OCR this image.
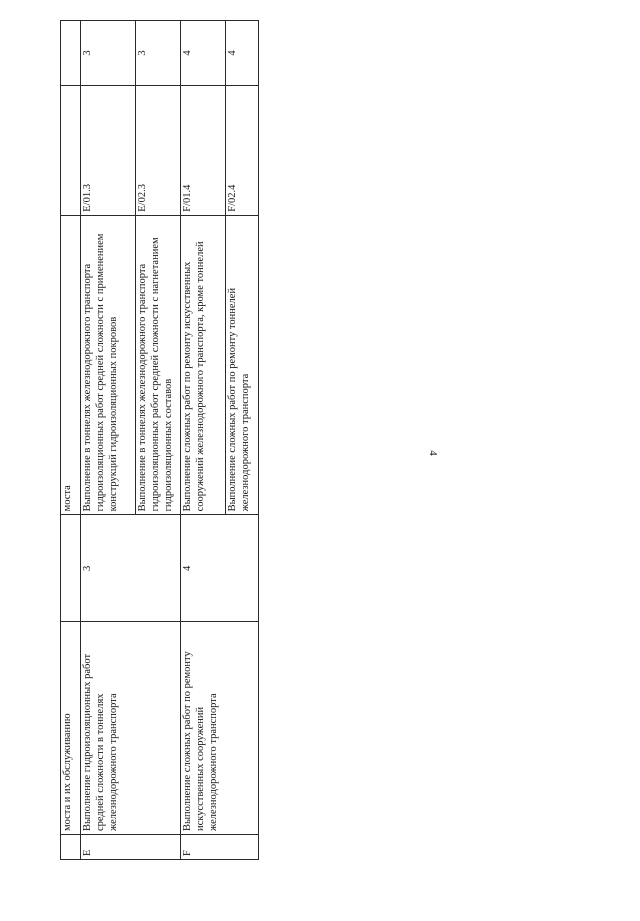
4
	моста и их обслуживанию		моста		
E	Выполнение гидроизоляционных работ средней сложности в тоннелях железнодорожного транспорта	3	Выполнение в тоннелях железнодорожного транспорта гидроизоляционных работ средней сложности с применением конструкций гидроизоляционных покровов	E/01.3	3
			Выполнение в тоннелях железнодорожного транспорта гидроизоляционных работ средней сложности с нагнетанием гидроизоляционных составов	E/02.3	3
F	Выполнение сложных работ по ремонту искусственных сооружений железнодорожного транспорта	4	Выполнение сложных работ по ремонту искусственных сооружений железнодорожного транспорта, кроме тоннелей	F/01.4	4
			Выполнение сложных работ по ремонту тоннелей железнодорожного транспорта	F/02.4	4
